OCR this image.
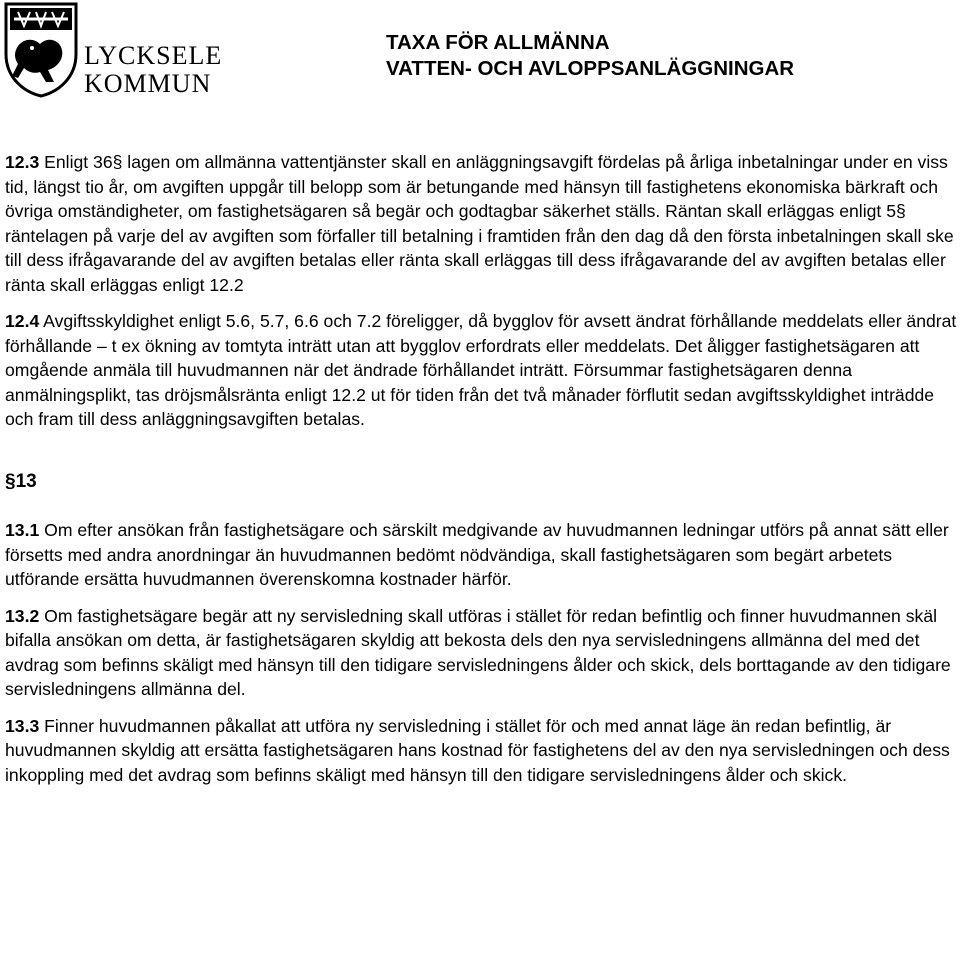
LYCKSELE
KOMMUN
TAXA FÖR ALLMÄNNA
VATTEN- OCH AVLOPPSANLÄGGNINGAR

12.3 Enligt 36§ lagen om allmänna vattentjänster skall en anläggningsavgift fördelas på årliga inbetalningar under en viss tid, längst tio år, om avgiften uppgår till belopp som är betungande med hänsyn till fastighetens ekonomiska bärkraft och övriga omständigheter, om fastighetsägaren så begär och godtagbar säkerhet ställs. Räntan skall erläggas enligt 5§ räntelagen på varje del av avgiften som förfaller till betalning i framtiden från den dag då den första inbetalningen skall ske till dess ifrågavarande del av avgiften betalas eller ränta skall erläggas till dess ifrågavarande del av avgiften betalas eller ränta skall erläggas enligt 12.2

12.4 Avgiftsskyldighet enligt 5.6, 5.7, 6.6 och 7.2 föreligger, då bygglov för avsett ändrat förhållande meddelats eller ändrat förhållande – t ex ökning av tomtyta inträtt utan att bygglov erfordrats eller meddelats. Det åligger fastighetsägaren att omgående anmäla till huvudmannen när det ändrade förhållandet inträtt. Försummar fastighetsägaren denna anmälningsplikt, tas dröjsmålsränta enligt 12.2 ut för tiden från det två månader förflutit sedan avgiftsskyldighet inträdde och fram till dess anläggningsavgiften betalas.

§13

13.1 Om efter ansökan från fastighetsägare och särskilt medgivande av huvudmannen ledningar utförs på annat sätt eller försetts med andra anordningar än huvudmannen bedömt nödvändiga, skall fastighetsägaren som begärt arbetets utförande ersätta huvudmannen överenskomna kostnader härför.

13.2 Om fastighetsägare begär att ny servisledning skall utföras i stället för redan befintlig och finner huvudmannen skäl bifalla ansökan om detta, är fastighetsägaren skyldig att bekosta dels den nya servisledningens allmänna del med det avdrag som befinns skäligt med hänsyn till den tidigare servisledningens ålder och skick, dels borttagande av den tidigare servisledningens allmänna del.

13.3 Finner huvudmannen påkallat att utföra ny servisledning i stället för och med annat läge än redan befintlig, är huvudmannen skyldig att ersätta fastighetsägaren hans kostnad för fastighetens del av den nya servisledningen och dess inkoppling med det avdrag som befinns skäligt med hänsyn till den tidigare servisledningens ålder och skick.
